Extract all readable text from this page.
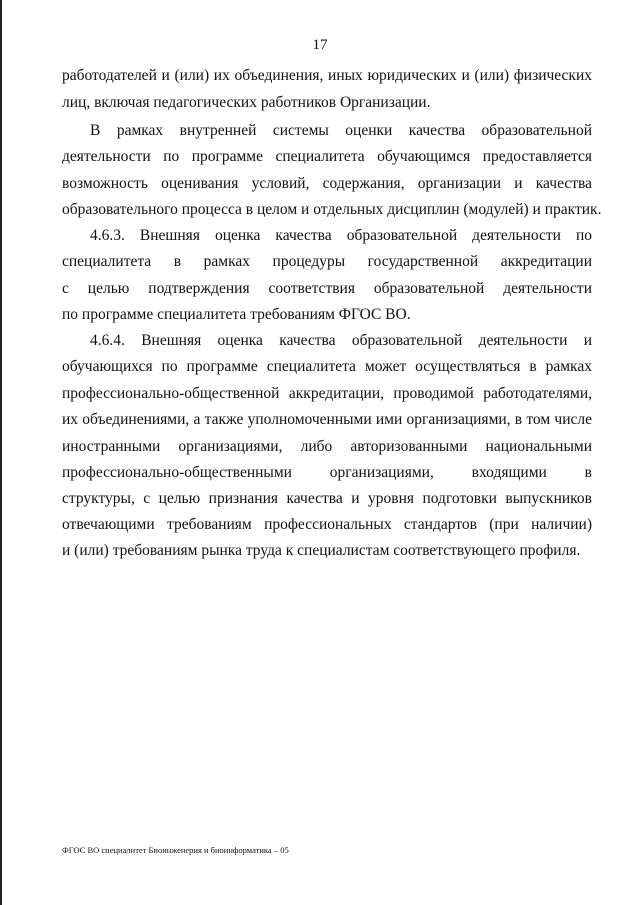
17
работодателей и (или) их объединения, иных юридических и (или) физических
лиц, включая педагогических работников Организации.
В рамках внутренней системы оценки качества образовательной
деятельности по программе специалитета обучающимся предоставляется
возможность оценивания условий, содержания, организации и качества
образовательного процесса в целом и отдельных дисциплин (модулей) и практик.
4.6.3. Внешняя оценка качества образовательной деятельности по
специалитета в рамках процедуры государственной аккредитации
с целью подтверждения соответствия образовательной деятельности
по программе специалитета требованиям ФГОС ВО.
4.6.4. Внешняя оценка качества образовательной деятельности и
обучающихся по программе специалитета может осуществляться в рамках
профессионально-общественной аккредитации, проводимой работодателями,
их объединениями, а также уполномоченными ими организациями, в том числе
иностранными организациями, либо авторизованными национальными
профессионально-общественными организациями, входящими в
структуры, с целью признания качества и уровня подготовки выпускников
отвечающими требованиям профессиональных стандартов (при наличии)
и (или) требованиям рынка труда к специалистам соответствующего профиля.
ФГОС ВО специалитет Биоинженерия и биоинформатика – 05
